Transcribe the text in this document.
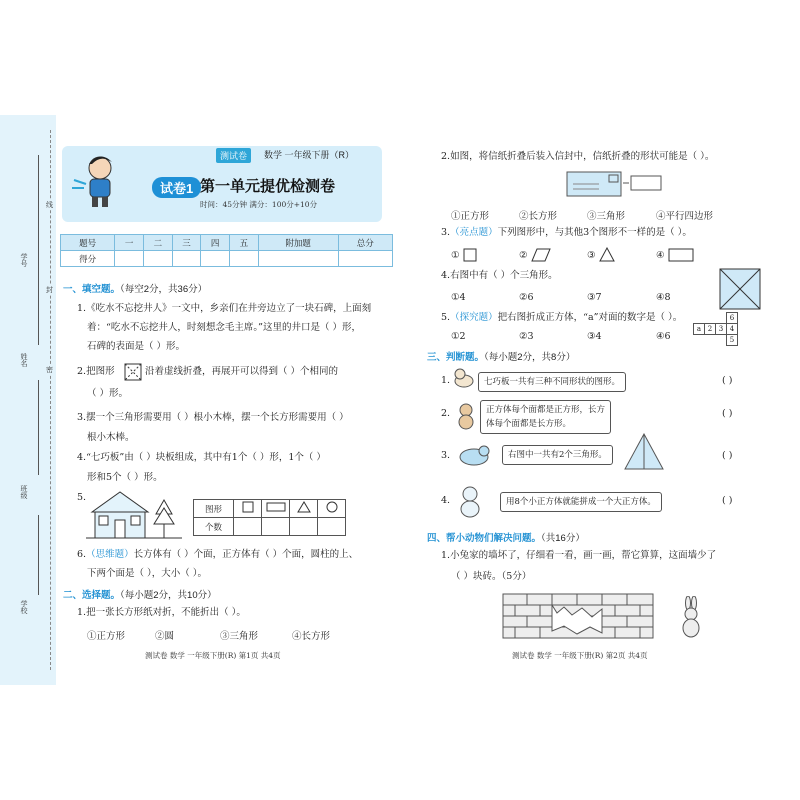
学号
姓名
班级
学校
线
封
密
测试卷	数学 一年级下册（R）
试卷1 第一单元提优检测卷
时间：45分钟 满分：100分+10分
题号	一	二	三	四	五	附加题	总分
得分							
一、填空题。（每空2分，共36分）
1.《吃水不忘挖井人》一文中，乡亲们在井旁边立了一块石碑，上面刻
着：“吃水不忘挖井人，时刻想念毛主席。”这里的井口是（ ）形，
石碑的表面是（ ）形。
2.把图形	沿着虚线折叠，再展开可以得到（ ）个相同的
（ ）形。
3.摆一个三角形需要用（ ）根小木棒，摆一个长方形需要用（ ）
根小木棒。
4.“七巧板”由（ ）块板组成，其中有1个（ ）形，1个（ ）
形和5个（ ）形。
5.
图形				
个数				
6.（思维题）长方体有（ ）个面，正方体有（ ）个面，圆柱的上、
下两个面是（ ），大小（ ）。
二、选择题。（每小题2分，共10分）
1.把一张长方形纸对折，不能折出（ ）。
①正方形	②圆	③三角形	④长方形
测试卷 数学 一年级下册(R) 第1页 共4页
2.如图，将信纸折叠后装入信封中，信纸折叠的形状可能是（ ）。
①正方形	②长方形	③三角形	④平行四边形
3.（亮点题）下列图形中，与其他3个图形不一样的是（ ）。
①	②	③	④
4.右图中有（ ）个三角形。
①4	②6	③7	④8
5.（探究题）把右图折成正方体，“a”对面的数字是（ ）。
				6	
a	2	3	4	
			5	
①2	②3	③4	④6
三、判断题。（每小题2分，共8分）
1.	七巧板一共有三种不同形状的图形。	( )
2.	正方体每个面都是正方形，长方
体每个面都是长方形。
( )
3.	右图中一共有2个三角形。	( )
4.	用8个小正方体就能拼成一个大正方体。	( )
四、帮小动物们解决问题。（共16分）
1.小兔家的墙坏了，仔细看一看，画一画，帮它算算，这面墙少了
（ ）块砖。（5分）
测试卷 数学 一年级下册(R) 第2页 共4页
